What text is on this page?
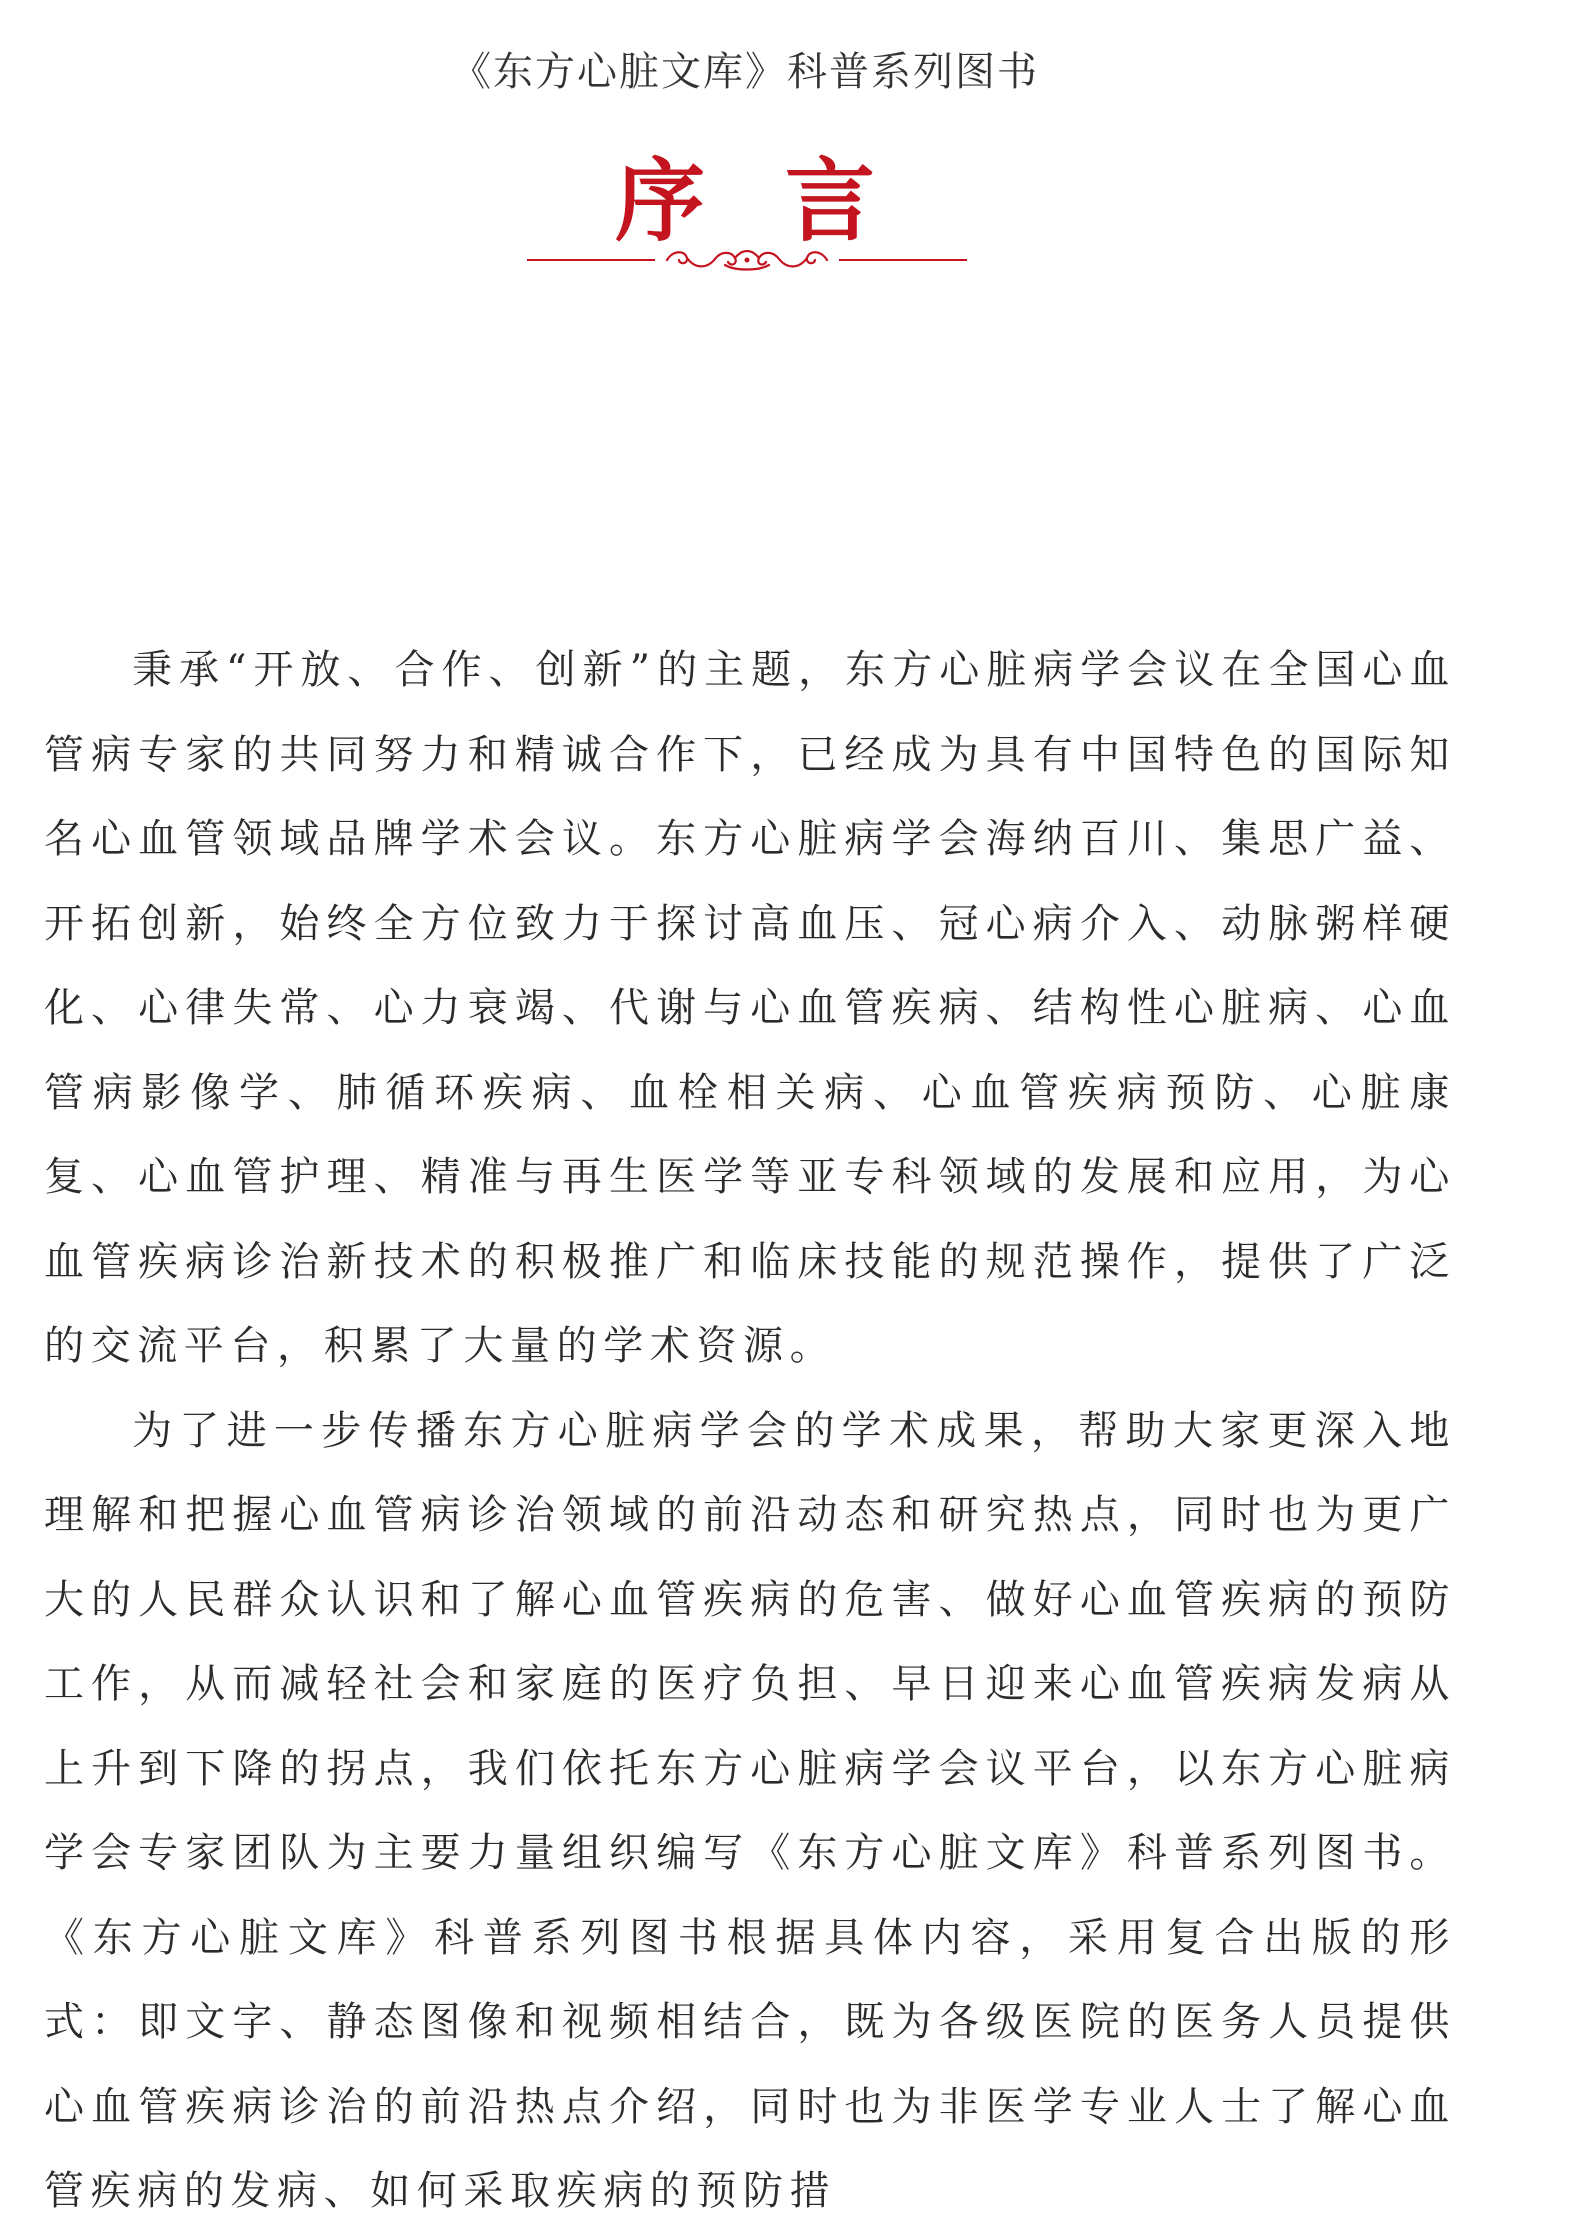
《东方心脏文库》科普系列图书
序言

秉承“开放、合作、创新”的主题，东方心脏病学会议在全国心血管病专家的共同努力和精诚合作下，已经成为具有中国特色的国际知名心血管领域品牌学术会议。东方心脏病学会海纳百川、集思广益、开拓创新，始终全方位致力于探讨高血压、冠心病介入、动脉粥样硬化、心律失常、心力衰竭、代谢与心血管疾病、结构性心脏病、心血管病影像学、肺循环疾病、血栓相关病、心血管疾病预防、心脏康复、心血管护理、精准与再生医学等亚专科领域的发展和应用，为心血管疾病诊治新技术的积极推广和临床技能的规范操作，提供了广泛的交流平台，积累了大量的学术资源。

为了进一步传播东方心脏病学会的学术成果，帮助大家更深入地理解和把握心血管病诊治领域的前沿动态和研究热点，同时也为更广大的人民群众认识和了解心血管疾病的危害、做好心血管疾病的预防工作，从而减轻社会和家庭的医疗负担、早日迎来心血管疾病发病从上升到下降的拐点，我们依托东方心脏病学会议平台，以东方心脏病学会专家团队为主要力量组织编写《东方心脏文库》科普系列图书。《东方心脏文库》科普系列图书根据具体内容，采用复合出版的形式：即文字、静态图像和视频相结合，既为各级医院的医务人员提供心血管疾病诊治的前沿热点介绍，同时也为非医学专业人士了解心血管疾病的发病、如何采取疾病的预防措
